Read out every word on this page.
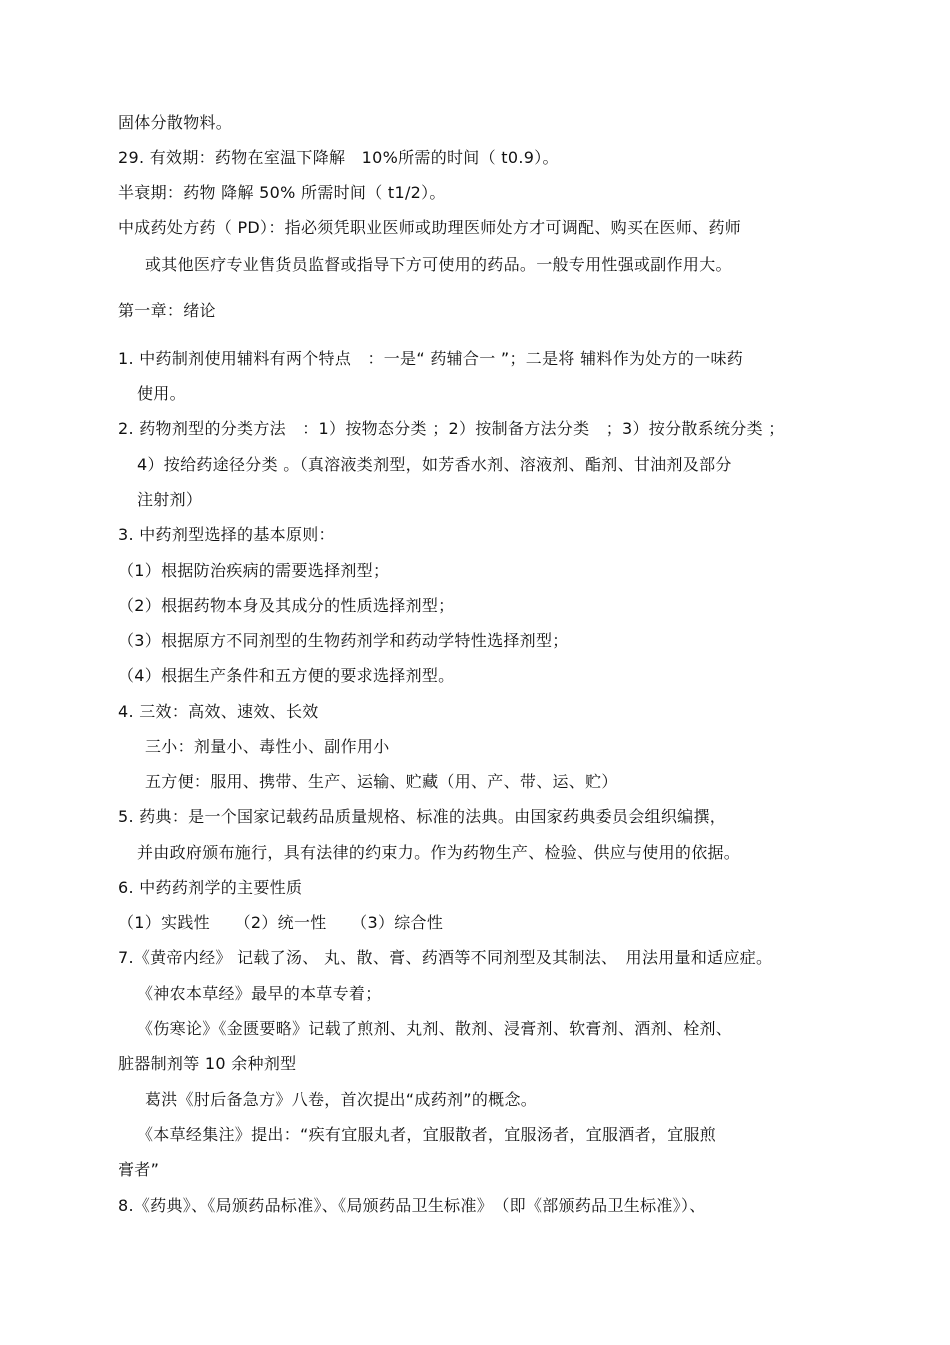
固体分散物料。
29. 有效期：药物在室温下降解　10%所需的时间（ t0.9）。
半衰期：药物 降解 50% 所需时间（ t1/2）。
中成药处方药（ PD）：指必须凭职业医师或助理医师处方才可调配、购买在医师、药师
或其他医疗专业售货员监督或指导下方可使用的药品。一般专用性强或副作用大。
第一章：绪论
1. 中药制剂使用辅料有两个特点　：一是“ 药辅合一 ”；二是将 辅料作为处方的一味药
使用。
2. 药物剂型的分类方法　：1）按物态分类 ；2）按制备方法分类　；3）按分散系统分类 ；
4）按给药途径分类 。（真溶液类剂型，如芳香水剂、溶液剂、酯剂、甘油剂及部分
注射剂）
3. 中药剂型选择的基本原则：
（1）根据防治疾病的需要选择剂型；
（2）根据药物本身及其成分的性质选择剂型；
（3）根据原方不同剂型的生物药剂学和药动学特性选择剂型；
（4）根据生产条件和五方便的要求选择剂型。
4. 三效：高效、速效、长效
三小：剂量小、毒性小、副作用小
五方便：服用、携带、生产、运输、贮藏（用、产、带、运、贮）
5. 药典：是一个国家记载药品质量规格、标准的法典。由国家药典委员会组织编撰，
并由政府颁布施行，具有法律的约束力。作为药物生产、检验、供应与使用的依据。
6. 中药药剂学的主要性质
（1）实践性　　（2）统一性　　（3）综合性
7.《黄帝内经》 记载了汤、 丸、散、膏、药酒等不同剂型及其制法、　用法用量和适应症。
《神农本草经》最早的本草专着；
《伤寒论》《金匮要略》记载了煎剂、丸剂、散剂、浸膏剂、软膏剂、酒剂、栓剂、
脏器制剂等 10 余种剂型
葛洪《肘后备急方》八卷，首次提出“成药剂”的概念。
《本草经集注》提出：“疾有宜服丸者，宜服散者，宜服汤者，宜服酒者，宜服煎
膏者”
8.《药典》、《局颁药品标准》、《局颁药品卫生标准》　（即《部颁药品卫生标准》）、
